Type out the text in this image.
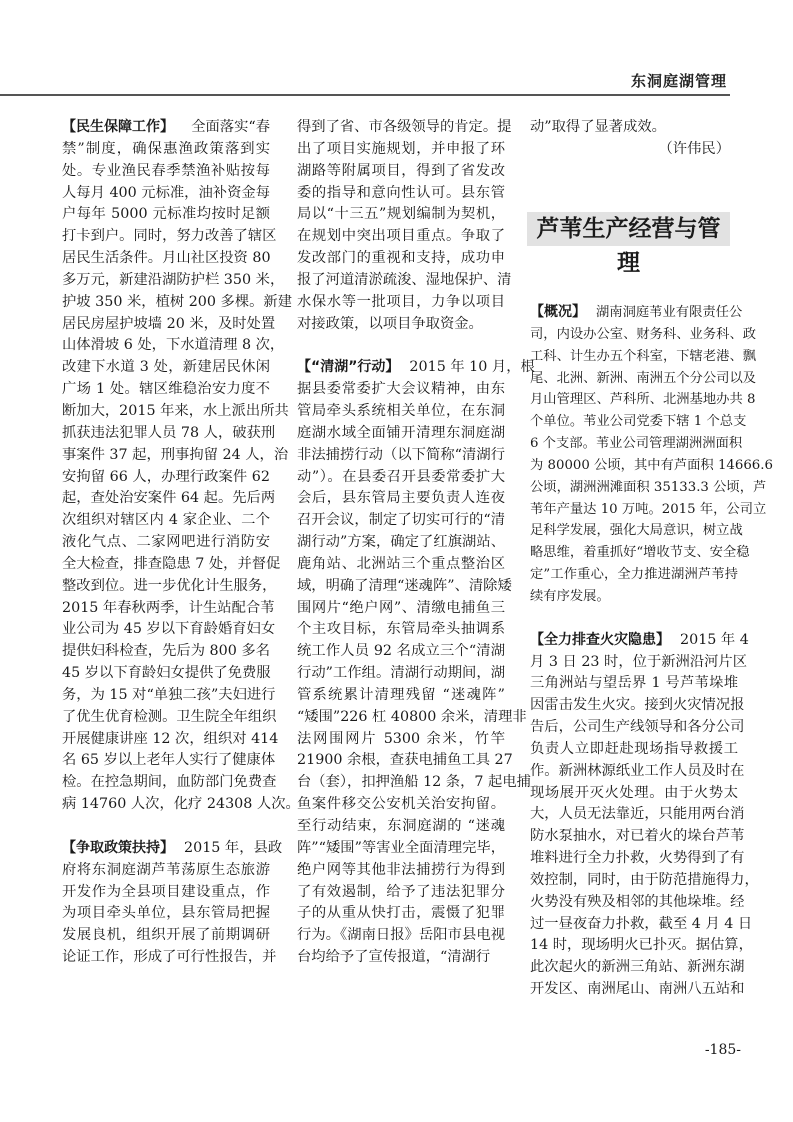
东洞庭湖管理
【民生保障工作】 全面落实“春
禁”制度，确保惠渔政策落到实
处。专业渔民春季禁渔补贴按每
人每月 400 元标准，油补资金每
户每年 5000 元标准均按时足额
打卡到户。同时，努力改善了辖区
居民生活条件。月山社区投资 80
多万元，新建沿湖防护栏 350 米，
护坡 350 米，植树 200 多棵。新建
居民房屋护坡墙 20 米，及时处置
山体滑坡 6 处，下水道清理 8 次，
改建下水道 3 处，新建居民休闲
广场 1 处。辖区维稳治安力度不
断加大，2015 年来，水上派出所共
抓获违法犯罪人员 78 人，破获刑
事案件 37 起，刑事拘留 24 人，治
安拘留 66 人，办理行政案件 62
起，查处治安案件 64 起。先后两
次组织对辖区内 4 家企业、二个
液化气点、二家网吧进行消防安
全大检查，排查隐患 7 处，并督促
整改到位。进一步优化计生服务，
2015 年春秋两季，计生站配合苇
业公司为 45 岁以下育龄婚育妇女
提供妇科检查，先后为 800 多名
45 岁以下育龄妇女提供了免费服
务，为 15 对“单独二孩”夫妇进行
了优生优育检测。卫生院全年组织
开展健康讲座 12 次，组织对 414
名 65 岁以上老年人实行了健康体
检。在控急期间，血防部门免费查
病 14760 人次，化疗 24308 人次。
【争取政策扶持】 2015 年，县政
府将东洞庭湖芦苇荡原生态旅游
开发作为全县项目建设重点，作
为项目牵头单位，县东管局把握
发展良机，组织开展了前期调研
论证工作，形成了可行性报告，并
得到了省、市各级领导的肯定。提
出了项目实施规划，并申报了环
湖路等附属项目，得到了省发改
委的指导和意向性认可。县东管
局以“十三五”规划编制为契机，
在规划中突出项目重点。争取了
发改部门的重视和支持，成功申
报了河道清淤疏浚、湿地保护、清
水保水等一批项目，力争以项目
对接政策，以项目争取资金。
【“清湖”行动】 2015 年 10 月，根
据县委常委扩大会议精神，由东
管局牵头系统相关单位，在东洞
庭湖水域全面铺开清理东洞庭湖
非法捕捞行动（以下简称“清湖行
动”）。在县委召开县委常委扩大
会后，县东管局主要负责人连夜
召开会议，制定了切实可行的“清
湖行动”方案，确定了红旗湖站、
鹿角站、北洲站三个重点整治区
域，明确了清理“迷魂阵”、清除矮
围网片“绝户网”、清缴电捕鱼三
个主攻目标，东管局牵头抽调系
统工作人员 92 名成立三个“清湖
行动”工作组。清湖行动期间，湖
管系统累计清理残留 “迷魂阵”
“矮围”226 杠 40800 余米，清理非
法网围网片 5300 余米，竹竿
21900 余根，查获电捕鱼工具 27
台（套），扣押渔船 12 条，7 起电捕
鱼案件移交公安机关治安拘留。
至行动结束，东洞庭湖的 “迷魂
阵”“矮围”等害业全面清理完毕，
绝户网等其他非法捕捞行为得到
了有效遏制，给予了违法犯罪分
子的从重从快打击，震慑了犯罪
行为。《湖南日报》岳阳市县电视
台均给予了宣传报道，“清湖行
动”取得了显著成效。
（许伟民）
芦苇生产经营与管理
【概况】 湖南洞庭苇业有限责任公
司，内设办公室、财务科、业务科、政
工科、计生办五个科室，下辖老港、飘
尾、北洲、新洲、南洲五个分公司以及
月山管理区、芦科所、北洲基地办共 8
个单位。苇业公司党委下辖 1 个总支
6 个支部。苇业公司管理湖洲洲面积
为 80000 公顷，其中有芦面积 14666.6
公顷，湖洲洲滩面积 35133.3 公顷，芦
苇年产量达 10 万吨。2015 年，公司立
足科学发展，强化大局意识，树立战
略思维，着重抓好“增收节支、安全稳
定”工作重心，全力推进湖洲芦苇持
续有序发展。
【全力排查火灾隐患】 2015 年 4
月 3 日 23 时，位于新洲沿河片区
三角洲站与望岳界 1 号芦苇垛堆
因雷击发生火灾。接到火灾情况报
告后，公司生产线领导和各分公司
负责人立即赶赴现场指导救援工
作。新洲林源纸业工作人员及时在
现场展开灭火处理。由于火势太
大，人员无法靠近，只能用两台消
防水泵抽水，对已着火的垛台芦苇
堆料进行全力扑救，火势得到了有
效控制，同时，由于防范措施得力，
火势没有殃及相邻的其他垛堆。经
过一昼夜奋力扑救，截至 4 月 4 日
14 时，现场明火已扑灭。据估算，
此次起火的新洲三角站、新洲东湖
开发区、南洲尾山、南洲八五站和
-185-
